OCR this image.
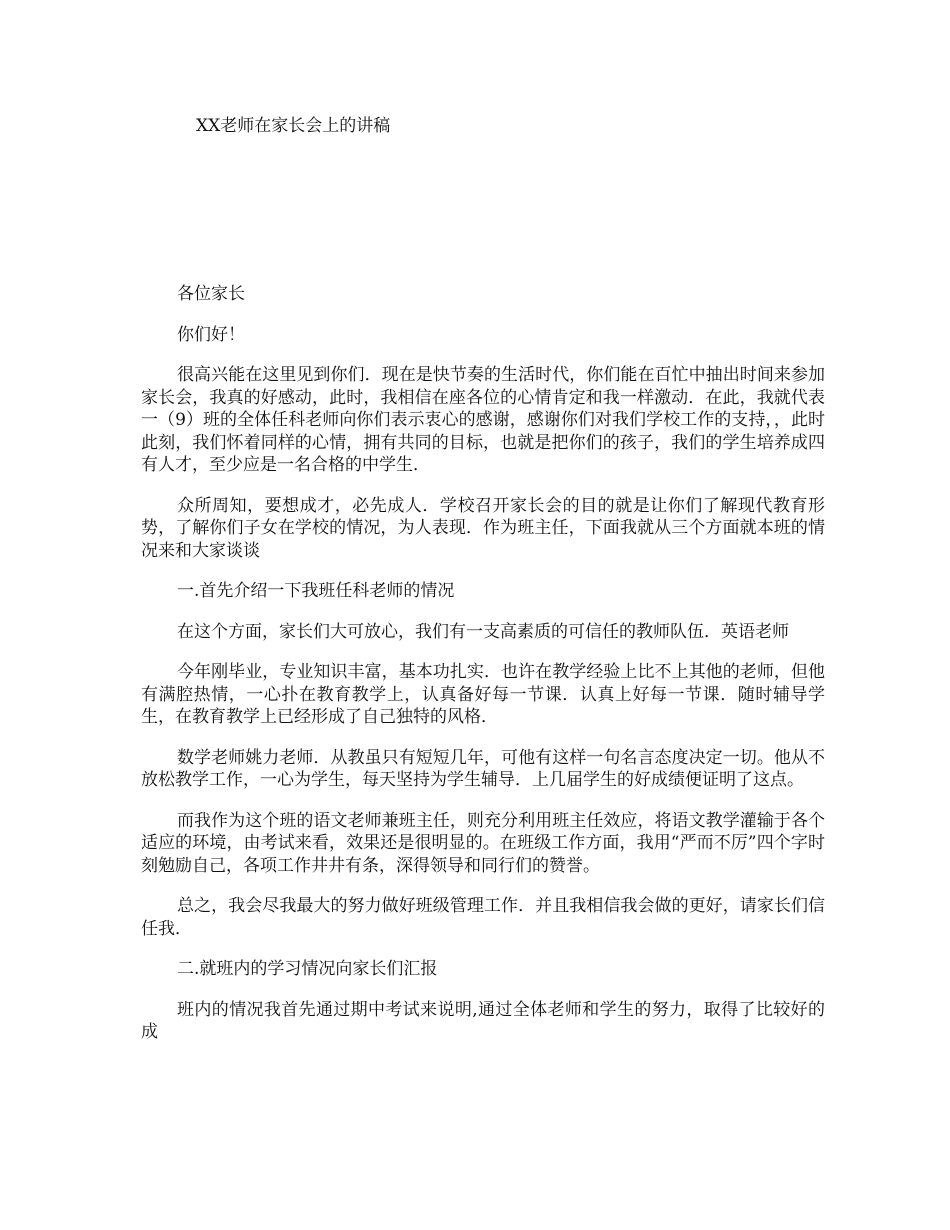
XX老师在家长会上的讲稿

各位家长

你们好！

很高兴能在这里见到你们．现在是快节奏的生活时代，你们能在百忙中抽出时间来参加家长会，我真的好感动，此时，我相信在座各位的心情肯定和我一样激动．在此，我就代表一（9）班的全体任科老师向你们表示衷心的感谢，感谢你们对我们学校工作的支持，，此时此刻，我们怀着同样的心情，拥有共同的目标，也就是把你们的孩子，我们的学生培养成四有人才，至少应是一名合格的中学生．

众所周知，要想成才，必先成人．学校召开家长会的目的就是让你们了解现代教育形势，了解你们子女在学校的情况，为人表现．作为班主任，下面我就从三个方面就本班的情况来和大家谈谈

一.首先介绍一下我班任科老师的情况

在这个方面，家长们大可放心，我们有一支高素质的可信任的教师队伍．英语老师

今年刚毕业，专业知识丰富，基本功扎实．也许在教学经验上比不上其他的老师，但他有满腔热情，一心扑在教育教学上，认真备好每一节课．认真上好每一节课．随时辅导学生，在教育教学上已经形成了自己独特的风格．

数学老师姚力老师．从教虽只有短短几年，可他有这样一句名言态度决定一切。他从不放松教学工作，一心为学生，每天坚持为学生辅导．上几届学生的好成绩便证明了这点。

而我作为这个班的语文老师兼班主任，则充分利用班主任效应，将语文教学灌输于各个适应的环境，由考试来看，效果还是很明显的。在班级工作方面，我用“严而不厉”四个字时刻勉励自己，各项工作井井有条，深得领导和同行们的赞誉。

总之，我会尽我最大的努力做好班级管理工作．并且我相信我会做的更好，请家长们信任我．

二.就班内的学习情况向家长们汇报

班内的情况我首先通过期中考试来说明,通过全体老师和学生的努力，取得了比较好的成
